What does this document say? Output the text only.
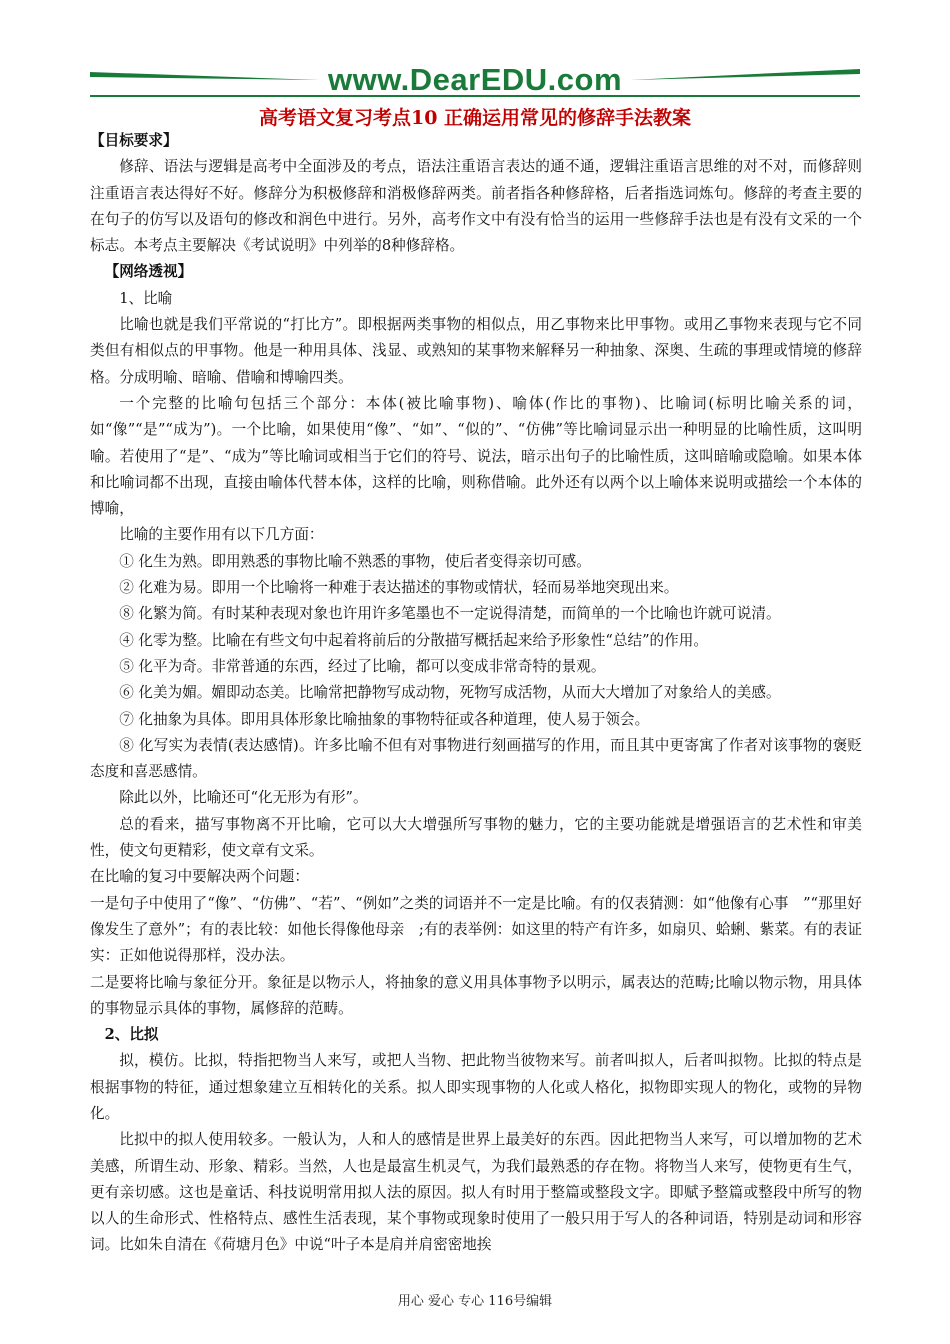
www.DearEDU.com
高考语文复习考点10 正确运用常见的修辞手法教案

【目标要求】

修辞、语法与逻辑是高考中全面涉及的考点，语法注重语言表达的通不通，逻辑注重语言思维的对不对，而修辞则注重语言表达得好不好。修辞分为积极修辞和消极修辞两类。前者指各种修辞格，后者指选词炼句。修辞的考查主要的在句子的仿写以及语句的修改和润色中进行。另外，高考作文中有没有恰当的运用一些修辞手法也是有没有文采的一个标志。本考点主要解决《考试说明》中列举的8种修辞格。

【网络透视】

1、比喻

比喻也就是我们平常说的“打比方”。即根据两类事物的相似点，用乙事物来比甲事物。或用乙事物来表现与它不同类但有相似点的甲事物。他是一种用具体、浅显、或熟知的某事物来解释另一种抽象、深奥、生疏的事理或情境的修辞格。分成明喻、暗喻、借喻和博喻四类。

一个完整的比喻句包括三个部分：本体(被比喻事物)、喻体(作比的事物)、比喻词(标明比喻关系的词，如“像”“是”“成为”)。一个比喻，如果使用“像”、“如”、“似的”、“仿佛”等比喻词显示出一种明显的比喻性质，这叫明喻。若使用了“是”、“成为”等比喻词或相当于它们的符号、说法，暗示出句子的比喻性质，这叫暗喻或隐喻。如果本体和比喻词都不出现，直接由喻体代替本体，这样的比喻，则称借喻。此外还有以两个以上喻体来说明或描绘一个本体的博喻，

比喻的主要作用有以下几方面：

① 化生为熟。即用熟悉的事物比喻不熟悉的事物，使后者变得亲切可感。

② 化难为易。即用一个比喻将一种难于表达描述的事物或情状，轻而易举地突现出来。

⑧ 化繁为简。有时某种表现对象也许用许多笔墨也不一定说得清楚，而简单的一个比喻也许就可说清。

④ 化零为整。比喻在有些文句中起着将前后的分散描写概括起来给予形象性“总结”的作用。

⑤ 化平为奇。非常普通的东西，经过了比喻，都可以变成非常奇特的景观。

⑥ 化美为媚。媚即动态美。比喻常把静物写成动物，死物写成活物，从而大大增加了对象给人的美感。

⑦ 化抽象为具体。即用具体形象比喻抽象的事物特征或各种道理，使人易于领会。

⑧ 化写实为表情(表达感情)。许多比喻不但有对事物进行刻画描写的作用，而且其中更寄寓了作者对该事物的褒贬态度和喜恶感情。

除此以外，比喻还可“化无形为有形”。

总的看来，描写事物离不开比喻，它可以大大增强所写事物的魅力，它的主要功能就是增强语言的艺术性和审美性，使文句更精彩，使文章有文采。

在比喻的复习中要解决两个问题：

一是句子中使用了“像”、“仿佛”、“若”、“例如”之类的词语并不一定是比喻。有的仅表猜测：如“他像有心事　”“那里好像发生了意外”；有的表比较：如他长得像他母亲　;有的表举例：如这里的特产有许多，如扇贝、蛤蜊、紫菜。有的表证实：正如他说得那样，没办法。

二是要将比喻与象征分开。象征是以物示人，将抽象的意义用具体事物予以明示，属表达的范畴;比喻以物示物，用具体的事物显示具体的事物，属修辞的范畴。

2、比拟

拟，模仿。比拟，特指把物当人来写，或把人当物、把此物当彼物来写。前者叫拟人，后者叫拟物。比拟的特点是根据事物的特征，通过想象建立互相转化的关系。拟人即实现事物的人化或人格化，拟物即实现人的物化，或物的异物化。

比拟中的拟人使用较多。一般认为，人和人的感情是世界上最美好的东西。因此把物当人来写，可以增加物的艺术美感，所谓生动、形象、精彩。当然，人也是最富生机灵气，为我们最熟悉的存在物。将物当人来写，使物更有生气，更有亲切感。这也是童话、科技说明常用拟人法的原因。拟人有时用于整篇或整段文字。即赋予整篇或整段中所写的物以人的生命形式、性格特点、感性生活表现，某个事物或现象时使用了一般只用于写人的各种词语，特别是动词和形容词。比如朱自清在《荷塘月色》中说“叶子本是肩并肩密密地挨

用心 爱心 专心 116号编辑
